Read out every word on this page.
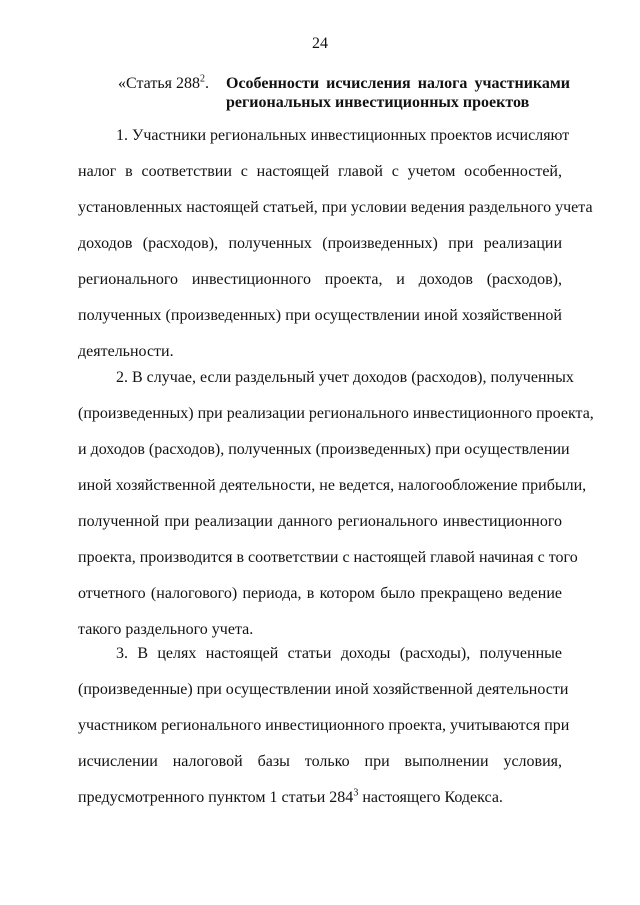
24
«Статья $288^2$. Особенности исчисления налога участниками
региональных инвестиционных проектов
1. Участники региональных инвестиционных проектов исчисляют
налог в соответствии с настоящей главой с учетом особенностей,
установленных настоящей статьей, при условии ведения раздельного учета
доходов (расходов), полученных (произведенных) при реализации
регионального инвестиционного проекта, и доходов (расходов),
полученных (произведенных) при осуществлении иной хозяйственной
деятельности.
2. В случае, если раздельный учет доходов (расходов), полученных
(произведенных) при реализации регионального инвестиционного проекта,
и доходов (расходов), полученных (произведенных) при осуществлении
иной хозяйственной деятельности, не ведется, налогообложение прибыли,
полученной при реализации данного регионального инвестиционного
проекта, производится в соответствии с настоящей главой начиная с того
отчетного (налогового) периода, в котором было прекращено ведение
такого раздельного учета.
3. В целях настоящей статьи доходы (расходы), полученные
(произведенные) при осуществлении иной хозяйственной деятельности
участником регионального инвестиционного проекта, учитываются при
исчислении налоговой базы только при выполнении условия,
предусмотренного пунктом 1 статьи $284^3$ настоящего Кодекса.
